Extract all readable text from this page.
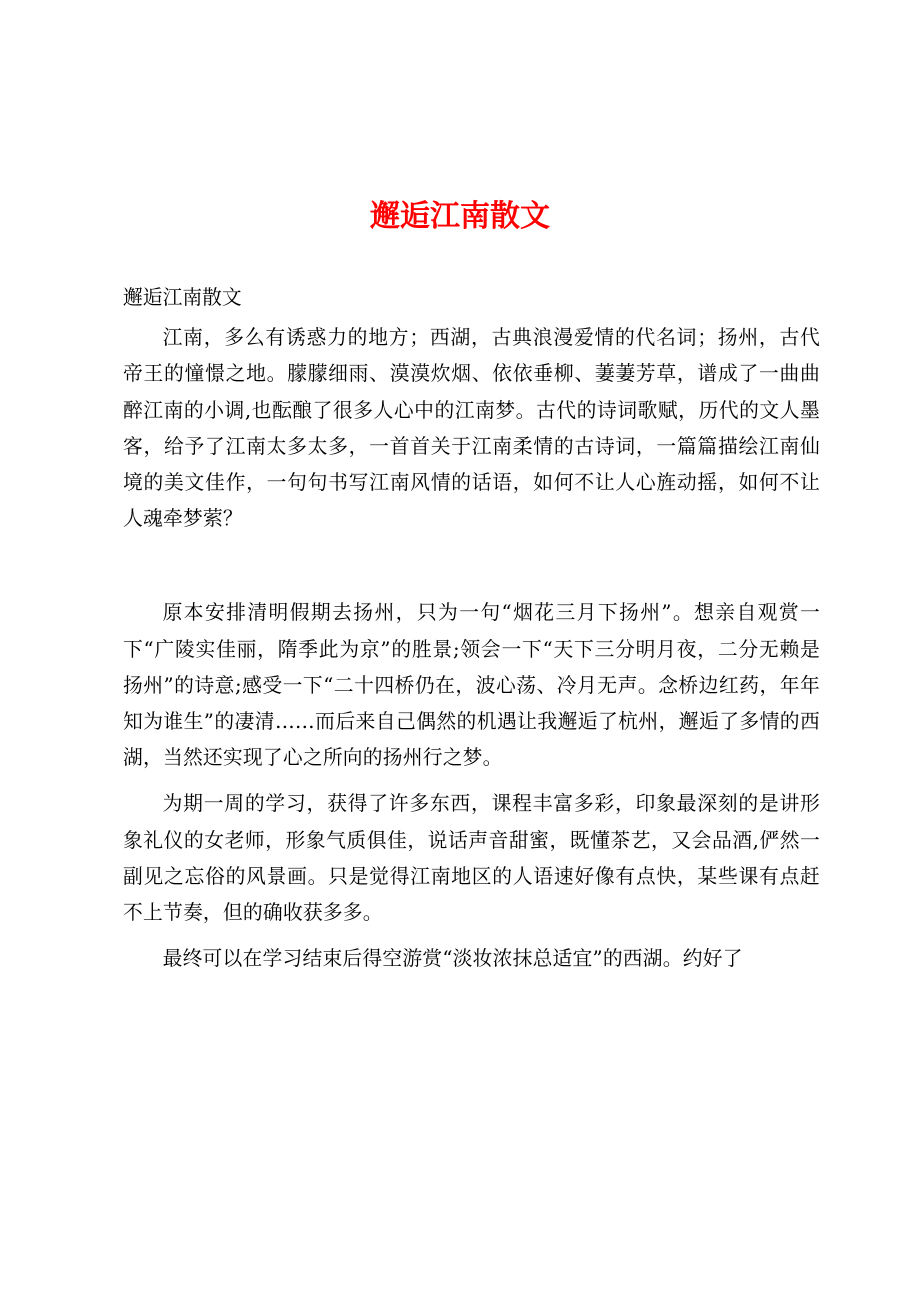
邂逅江南散文

邂逅江南散文

江南，多么有诱惑力的地方；西湖，古典浪漫爱情的代名词；扬州，古代帝王的憧憬之地。朦朦细雨、漠漠炊烟、依依垂柳、萋萋芳草，谱成了一曲曲醉江南的小调,也酝酿了很多人心中的江南梦。古代的诗词歌赋，历代的文人墨客，给予了江南太多太多，一首首关于江南柔情的古诗词，一篇篇描绘江南仙境的美文佳作，一句句书写江南风情的话语，如何不让人心旌动摇，如何不让人魂牵梦萦？

原本安排清明假期去扬州，只为一句“烟花三月下扬州”。想亲自观赏一下“广陵实佳丽，隋季此为京”的胜景;领会一下“天下三分明月夜，二分无赖是扬州”的诗意;感受一下“二十四桥仍在，波心荡、冷月无声。念桥边红药，年年知为谁生”的凄清……而后来自己偶然的机遇让我邂逅了杭州，邂逅了多情的西湖，当然还实现了心之所向的扬州行之梦。

为期一周的学习，获得了许多东西，课程丰富多彩，印象最深刻的是讲形象礼仪的女老师，形象气质俱佳，说话声音甜蜜，既懂茶艺，又会品酒,俨然一副见之忘俗的风景画。只是觉得江南地区的人语速好像有点快，某些课有点赶不上节奏，但的确收获多多。

最终可以在学习结束后得空游赏“淡妆浓抹总适宜”的西湖。约好了
